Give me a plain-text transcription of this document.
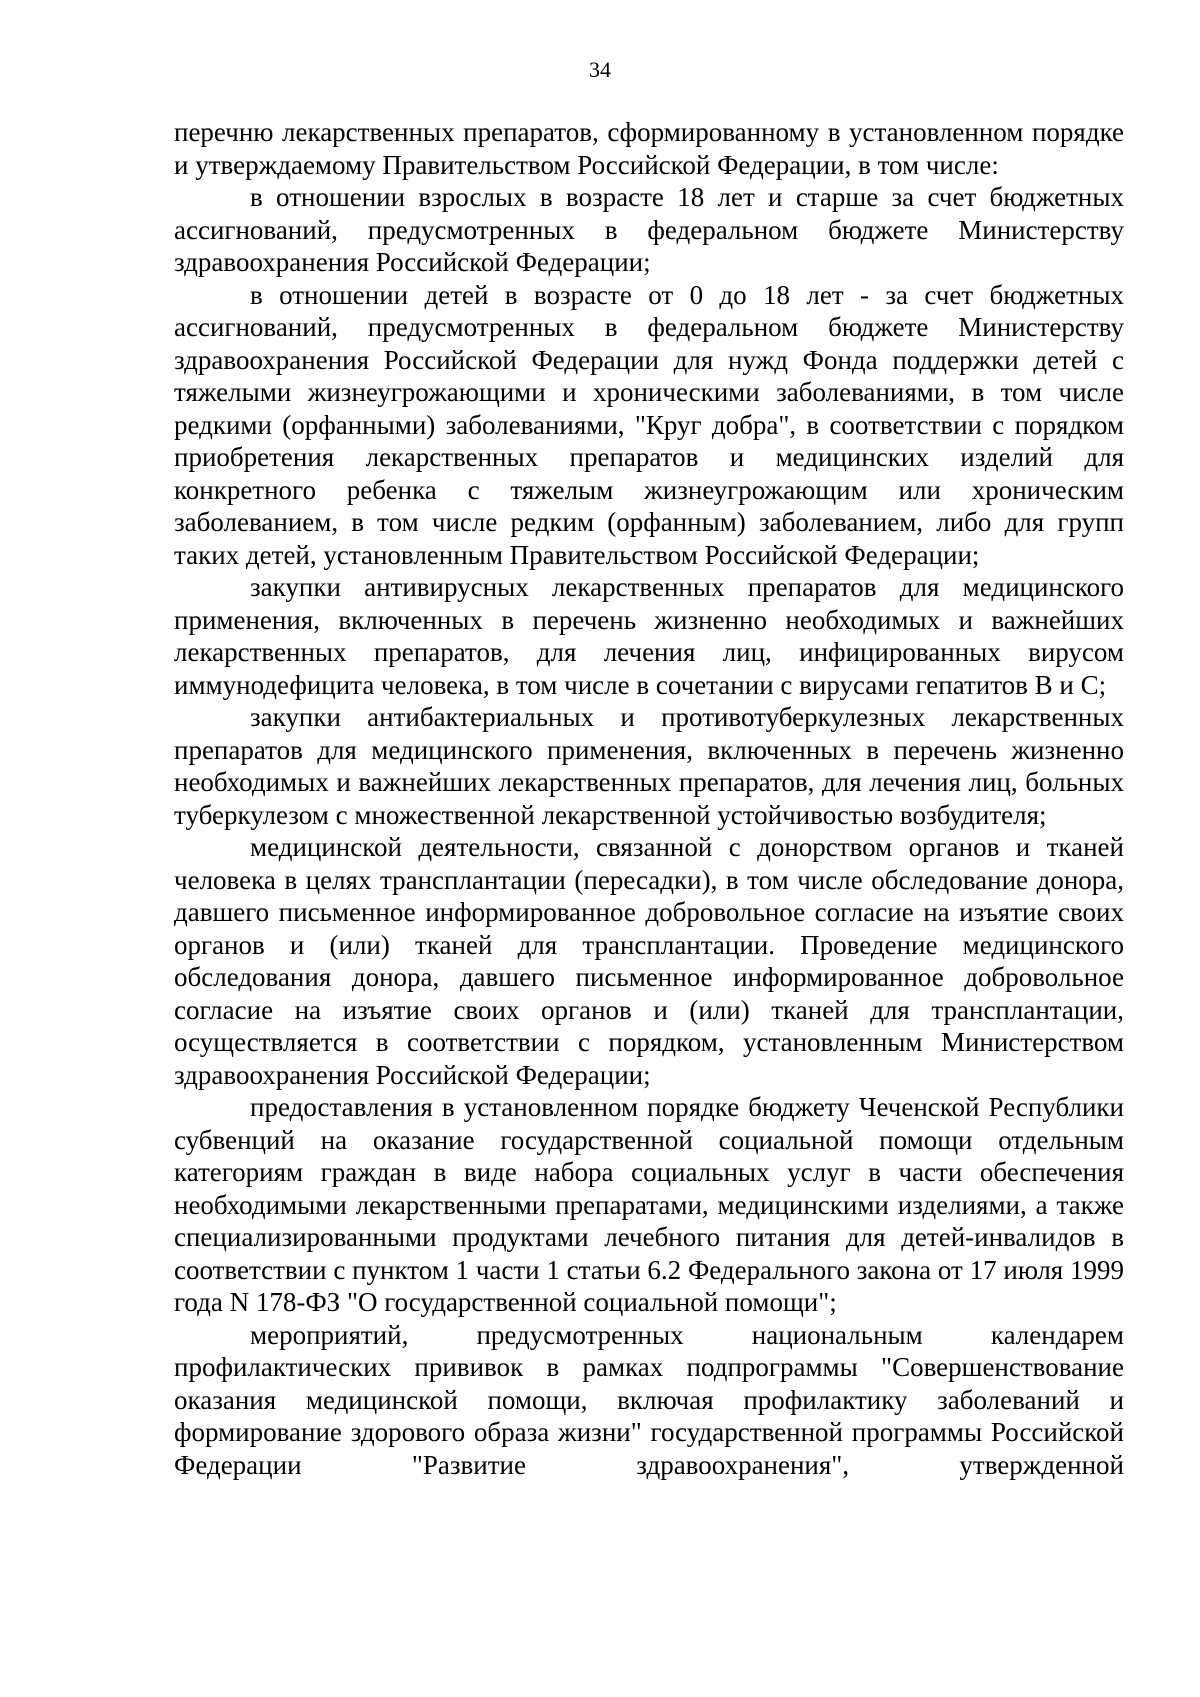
34

перечню лекарственных препаратов, сформированному в установленном порядке и утверждаемому Правительством Российской Федерации, в том числе:

в отношении взрослых в возрасте 18 лет и старше за счет бюджетных ассигнований, предусмотренных в федеральном бюджете Министерству здравоохранения Российской Федерации;

в отношении детей в возрасте от 0 до 18 лет - за счет бюджетных ассигнований, предусмотренных в федеральном бюджете Министерству здравоохранения Российской Федерации для нужд Фонда поддержки детей с тяжелыми жизнеугрожающими и хроническими заболеваниями, в том числе редкими (орфанными) заболеваниями, "Круг добра", в соответствии с порядком приобретения лекарственных препаратов и медицинских изделий для конкретного ребенка с тяжелым жизнеугрожающим или хроническим заболеванием, в том числе редким (орфанным) заболеванием, либо для групп таких детей, установленным Правительством Российской Федерации;

закупки антивирусных лекарственных препаратов для медицинского применения, включенных в перечень жизненно необходимых и важнейших лекарственных препаратов, для лечения лиц, инфицированных вирусом иммунодефицита человека, в том числе в сочетании с вирусами гепатитов B и C;

закупки антибактериальных и противотуберкулезных лекарственных препаратов для медицинского применения, включенных в перечень жизненно необходимых и важнейших лекарственных препаратов, для лечения лиц, больных туберкулезом с множественной лекарственной устойчивостью возбудителя;

медицинской деятельности, связанной с донорством органов и тканей человека в целях трансплантации (пересадки), в том числе обследование донора, давшего письменное информированное добровольное согласие на изъятие своих органов и (или) тканей для трансплантации. Проведение медицинского обследования донора, давшего письменное информированное добровольное согласие на изъятие своих органов и (или) тканей для трансплантации, осуществляется в соответствии с порядком, установленным Министерством здравоохранения Российской Федерации;

предоставления в установленном порядке бюджету Чеченской Республики субвенций на оказание государственной социальной помощи отдельным категориям граждан в виде набора социальных услуг в части обеспечения необходимыми лекарственными препаратами, медицинскими изделиями, а также специализированными продуктами лечебного питания для детей-инвалидов в соответствии с пунктом 1 части 1 статьи 6.2 Федерального закона от 17 июля 1999 года N 178-ФЗ "О государственной социальной помощи";

мероприятий, предусмотренных национальным календарем профилактических прививок в рамках подпрограммы "Совершенствование оказания медицинской помощи, включая профилактику заболеваний и формирование здорового образа жизни" государственной программы Российской Федерации "Развитие здравоохранения", утвержденной
